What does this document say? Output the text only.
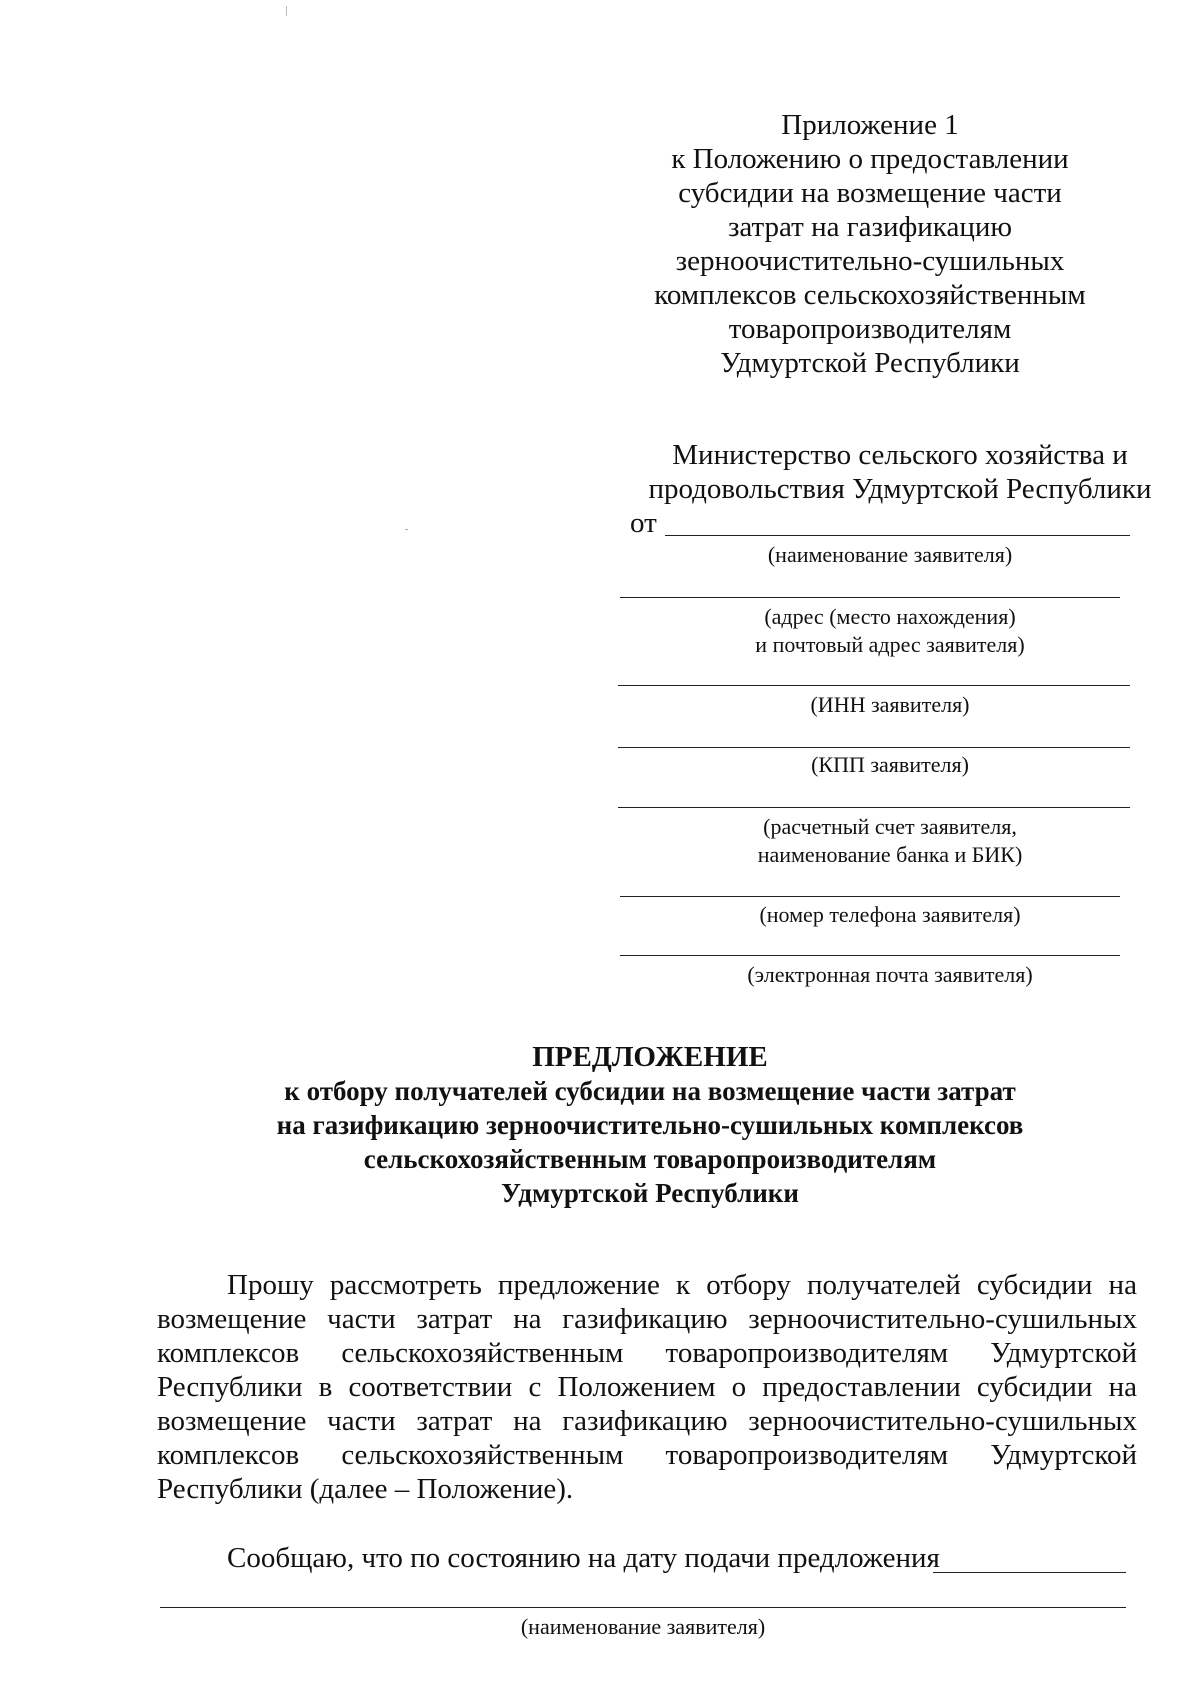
Приложение 1
к Положению о предоставлении
субсидии на возмещение части
затрат на газификацию
зерноочистительно-сушильных
комплексов сельскохозяйственным
товаропроизводителям
Удмуртской Республики
Министерство сельского хозяйства и
продовольствия Удмуртской Республики
от
(наименование заявителя)
(адрес (место нахождения)
и почтовый адрес заявителя)
(ИНН заявителя)
(КПП заявителя)
(расчетный счет заявителя,
наименование банка и БИК)
(номер телефона заявителя)
(электронная почта заявителя)
ПРЕДЛОЖЕНИЕ
к отбору получателей субсидии на возмещение части затрат
на газификацию зерноочистительно-сушильных комплексов
сельскохозяйственным товаропроизводителям
Удмуртской Республики
Прошу рассмотреть предложение к отбору получателей субсидии на
возмещение части затрат на газификацию зерноочистительно-сушильных
комплексов сельскохозяйственным товаропроизводителям Удмуртской
Республики в соответствии с Положением о предоставлении субсидии на
возмещение части затрат на газификацию зерноочистительно-сушильных
комплексов сельскохозяйственным товаропроизводителям Удмуртской
Республики (далее – Положение).
Сообщаю, что по состоянию на дату подачи предложения
(наименование заявителя)
